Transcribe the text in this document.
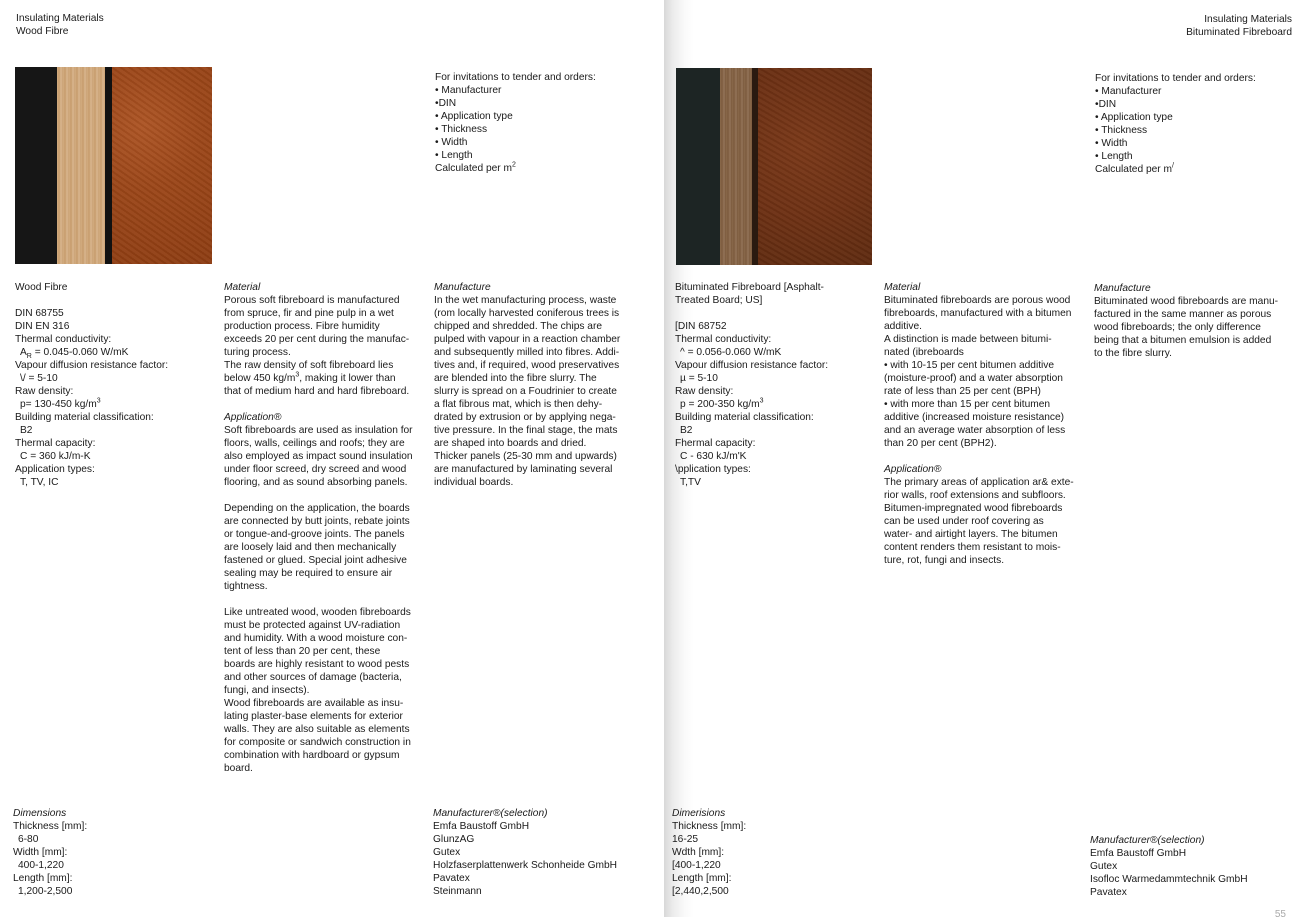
Insulating Materials
Wood Fibre
For invitations to tender and orders:
• Manufacturer
•DIN
• Application type
• Thickness
• Width
• Length
Calculated per $m^2$
Wood Fibre
DIN 68755
DIN EN 316
Thermal conductivity:
$A_R = 0.045-0.060$ W/mK
Vapour diffusion resistance factor:
\/ = 5-10
Raw density:
p= 130-450 $kg/m^3$
Building material classification:
B2
Thermal capacity:
C = 360 kJ/m-K
Application types:
T, TV, IC
Material
Porous soft fibreboard is manufactured
from spruce, fir and pine pulp in a wet
production process. Fibre humidity
exceeds 20 per cent during the manufac-
turing process.
The raw density of soft fibreboard lies
below 450 $kg/m^3$, making it lower than
that of medium hard and hard fibreboard.
Application®
Soft fibreboards are used as insulation for
floors, walls, ceilings and roofs; they are
also employed as impact sound insulation
under floor screed, dry screed and wood
flooring, and as sound absorbing panels.
Depending on the application, the boards
are connected by butt joints, rebate joints
or tongue-and-groove joints. The panels
are loosely laid and then mechanically
fastened or glued. Special joint adhesive
sealing may be required to ensure air
tightness.
Like untreated wood, wooden fibreboards
must be protected against UV-radiation
and humidity. With a wood moisture con-
tent of less than 20 per cent, these
boards are highly resistant to wood pests
and other sources of damage (bacteria,
fungi, and insects).
Wood fibreboards are available as insu-
lating plaster-base elements for exterior
walls. They are also suitable as elements
for composite or sandwich construction in
combination with hardboard or gypsum
board.
Manufacture
In the wet manufacturing process, waste
(rom locally harvested coniferous trees is
chipped and shredded. The chips are
pulped with vapour in a reaction chamber
and subsequently milled into fibres. Addi-
tives and, if required, wood preservatives
are blended into the fibre slurry. The
slurry is spread on a Foudrinier to create
a flat fibrous mat, which is then dehy-
drated by extrusion or by applying nega-
tive pressure. In the final stage, the mats
are shaped into boards and dried.
Thicker panels (25-30 mm and upwards)
are manufactured by laminating several
individual boards.
Dimensions
Thickness [mm]:
6-80
Width [mm]:
400-1,220
Length [mm]:
1,200-2,500
Manufacturer®(selection)
Emfa Baustoff GmbH
GlunzAG
Gutex
Holzfaserplattenwerk Schonheide GmbH
Pavatex
Steinmann
Insulating Materials
Bituminated Fibreboard
For invitations to tender and orders:
• Manufacturer
•DIN
• Application type
• Thickness
• Width
• Length
Calculated per m/
Bituminated Fibreboard [Asphalt-
Treated Board; US]
[DIN 68752
Thermal conductivity:
^ = 0.056-0.060 W/mK
Vapour diffusion resistance factor:
µ = 5-10
Raw density:
p = 200-350 $kg/m^3$
Building material classification:
B2
Fhermal capacity:
C - 630 kJ/m'K
\pplication types:
T,TV
Material
Bituminated fibreboards are porous wood
fibreboards, manufactured with a bitumen
additive.
A distinction is made between bitumi-
nated (ibreboards
• with 10-15 per cent bitumen additive
(moisture-proof) and a water absorption
rate of less than 25 per cent (BPH)
• with more than 15 per cent bitumen
additive (increased moisture resistance)
and an average water absorption of less
than 20 per cent (BPH2).
Application®
The primary areas of application ar& exte-
rior walls, roof extensions and subfloors.
Bitumen-impregnated wood fibreboards
can be used under roof covering as
water- and airtight layers. The bitumen
content renders them resistant to mois-
ture, rot, fungi and insects.
Manufacture
Bituminated wood fibreboards are manu-
factured in the same manner as porous
wood fibreboards; the only difference
being that a bitumen emulsion is added
to the fibre slurry.
Dimerisions
Thickness [mm]:
16-25
Wdth [mm]:
[400-1,220
Length [mm]:
[2,440,2,500
Manufacturer®(selection)
Emfa Baustoff GmbH
Gutex
Isofloc Warmedammtechnik GmbH
Pavatex
55
